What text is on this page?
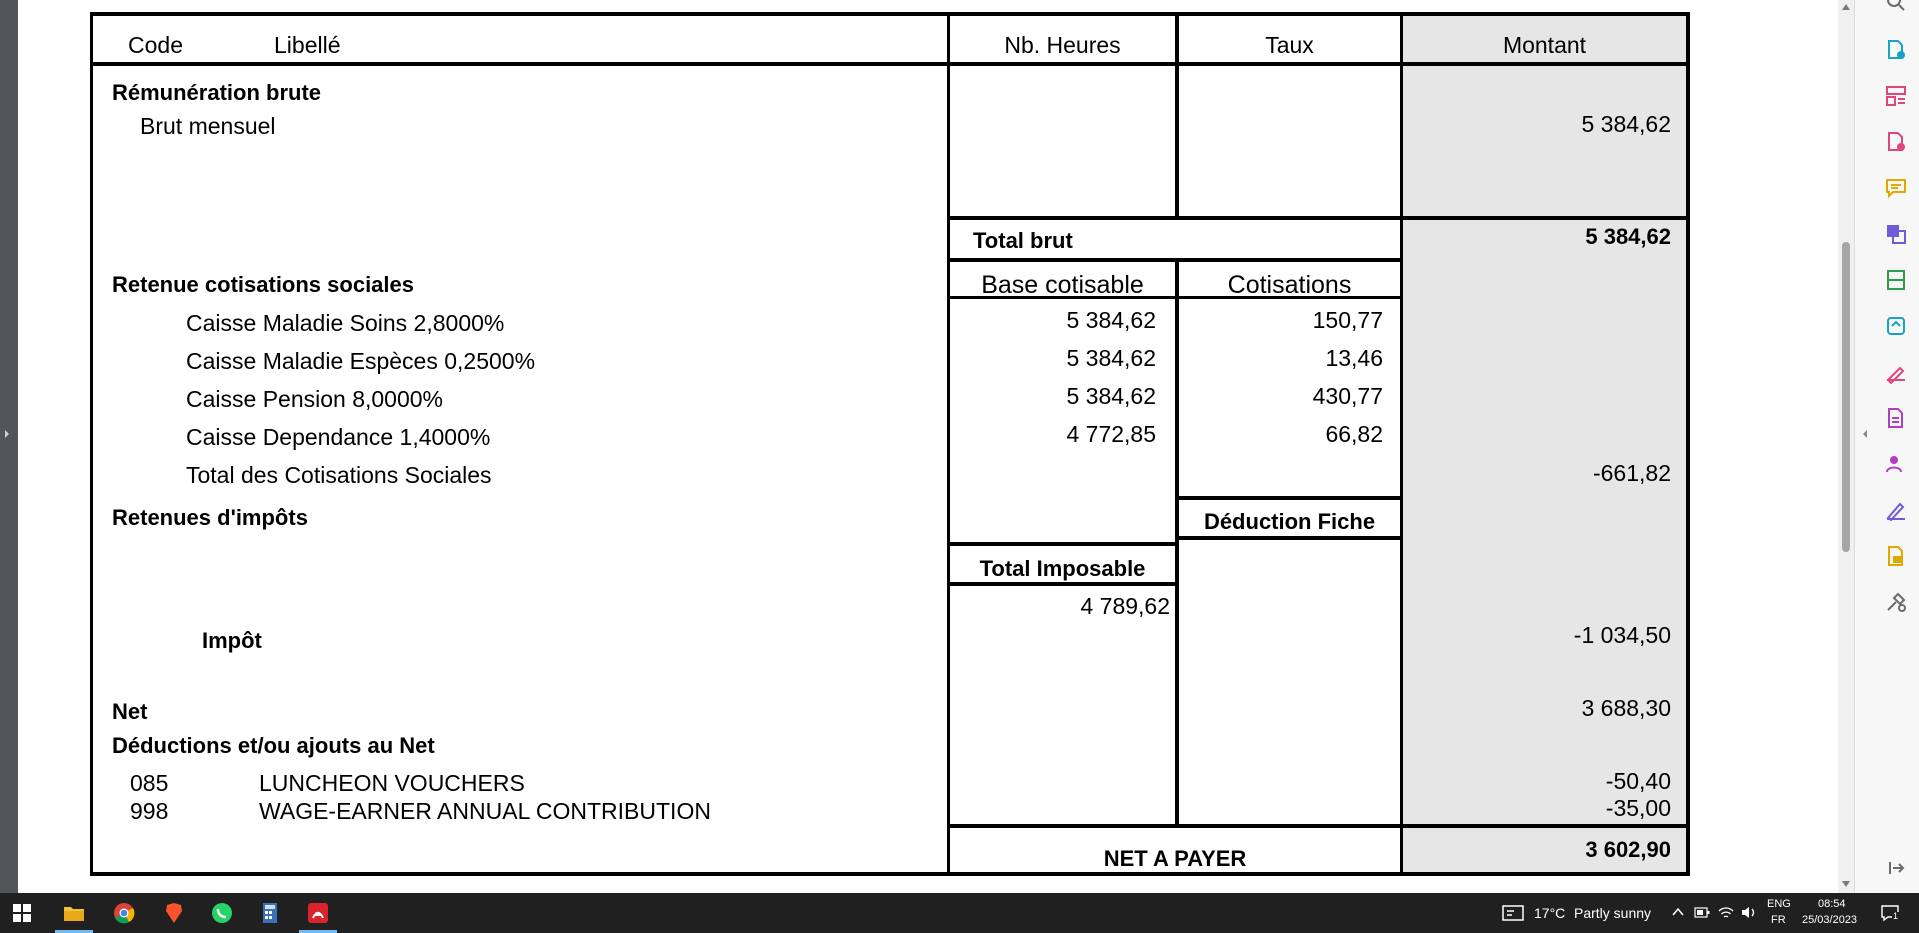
Code	Libellé	Nb. Heures	Taux	Montant
Rémunération brute
Brut mensuel	5 384,62
Total brut	5 384,62
Retenue cotisations sociales	Base cotisable	Cotisations
Caisse Maladie Soins 2,8000%	5 384,62	150,77
Caisse Maladie Espèces 0,2500%	5 384,62	13,46
Caisse Pension 8,0000%	5 384,62	430,77
Caisse Dependance 1,4000%	4 772,85	66,82
Total des Cotisations Sociales	-661,82
Retenues d'impôts	Déduction Fiche
Total Imposable
4 789,62
Impôt	-1 034,50
Net	3 688,30
Déductions et/ou ajouts au Net
085	LUNCHEON VOUCHERS	-50,40
998	WAGE-EARNER ANNUAL CONTRIBUTION	-35,00
NET A PAYER	3 602,90
17°C Partly sunny
ENG
FR
08:54
25/03/2023	1
